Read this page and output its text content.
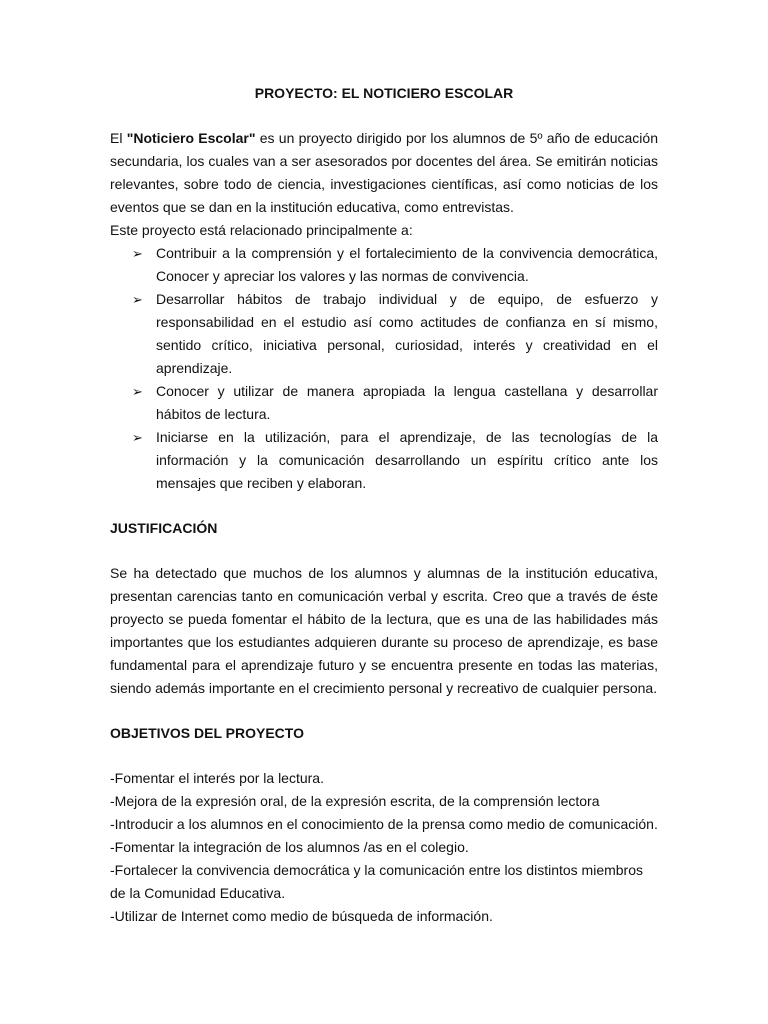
PROYECTO: EL NOTICIERO ESCOLAR

El "Noticiero Escolar" es un proyecto dirigido por los alumnos de 5º año de educación secundaria, los cuales van a ser asesorados por docentes del área. Se emitirán noticias relevantes, sobre todo de ciencia, investigaciones científicas, así como noticias de los eventos que se dan en la institución educativa, como entrevistas.

Este proyecto está relacionado principalmente a:

➢ Contribuir a la comprensión y el fortalecimiento de la convivencia democrática, Conocer y apreciar los valores y las normas de convivencia.
➢ Desarrollar hábitos de trabajo individual y de equipo, de esfuerzo y responsabilidad en el estudio así como actitudes de confianza en sí mismo, sentido crítico, iniciativa personal, curiosidad, interés y creatividad en el aprendizaje.
➢ Conocer y utilizar de manera apropiada la lengua castellana y desarrollar hábitos de lectura.
➢ Iniciarse en la utilización, para el aprendizaje, de las tecnologías de la información y la comunicación desarrollando un espíritu crítico ante los mensajes que reciben y elaboran.

JUSTIFICACIÓN

Se ha detectado que muchos de los alumnos y alumnas de la institución educativa, presentan carencias tanto en comunicación verbal y escrita. Creo que a través de éste proyecto se pueda fomentar el hábito de la lectura, que es una de las habilidades más importantes que los estudiantes adquieren durante su proceso de aprendizaje, es base fundamental para el aprendizaje futuro y se encuentra presente en todas las materias, siendo además importante en el crecimiento personal y recreativo de cualquier persona.

OBJETIVOS DEL PROYECTO

-Fomentar el interés por la lectura.

-Mejora de la expresión oral, de la expresión escrita, de la comprensión lectora

-Introducir a los alumnos en el conocimiento de la prensa como medio de comunicación.

-Fomentar la integración de los alumnos /as en el colegio.

-Fortalecer la convivencia democrática y la comunicación entre los distintos miembros de la Comunidad Educativa.

-Utilizar de Internet como medio de búsqueda de información.
